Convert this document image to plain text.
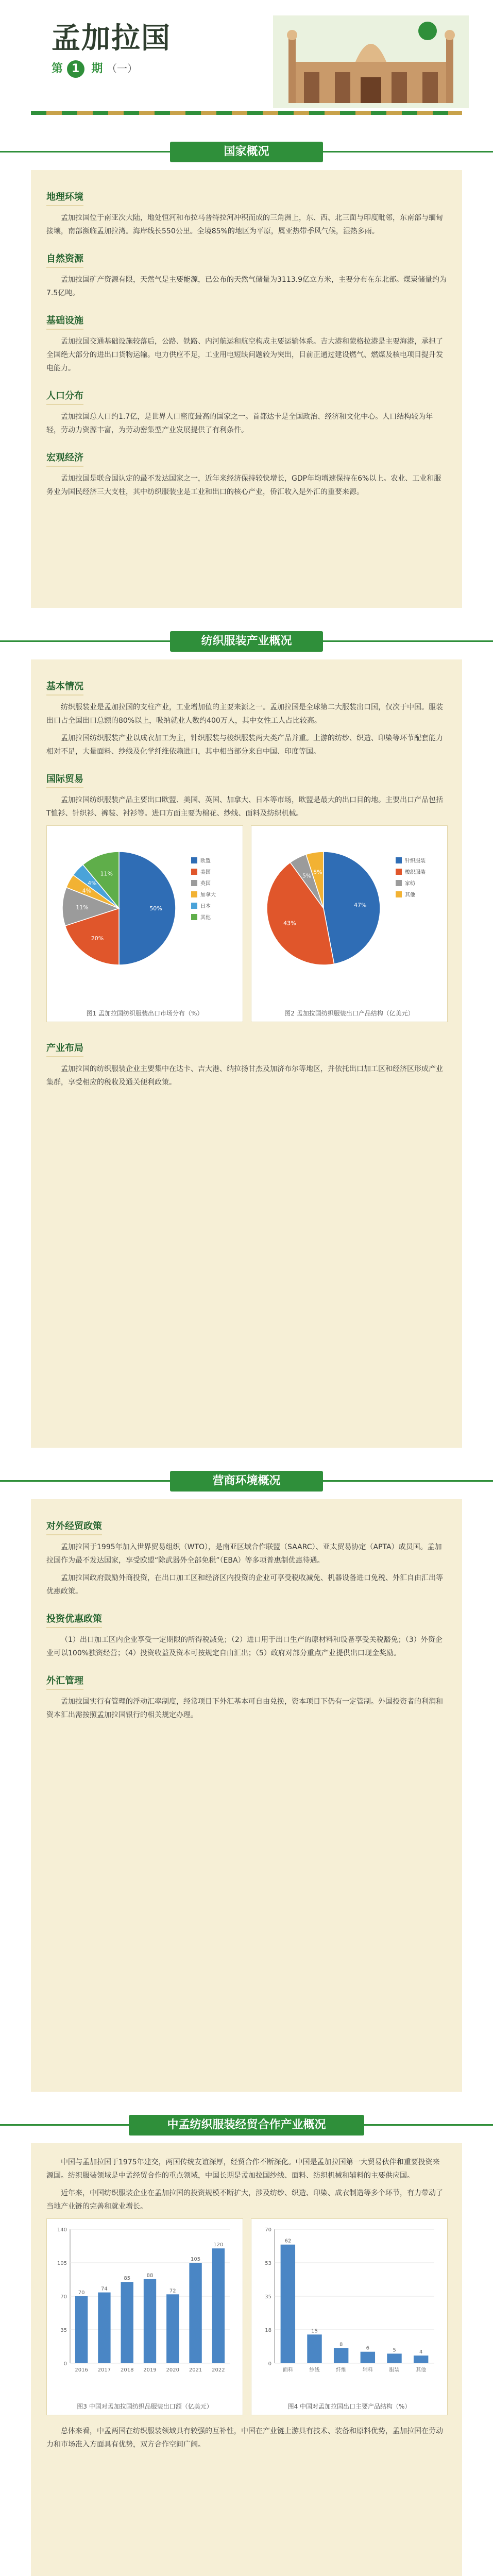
孟加拉国
第 1 期 （一）
国家概况
地理环境

孟加拉国位于南亚次大陆，地处恒河和布拉马普特拉河冲积而成的三角洲上，东、西、北三面与印度毗邻，东南部与缅甸接壤，南部濒临孟加拉湾。海岸线长550公里。全境85%的地区为平原，属亚热带季风气候，湿热多雨。

自然资源

孟加拉国矿产资源有限，天然气是主要能源，已公布的天然气储量为3113.9亿立方米，主要分布在东北部。煤炭储量约为7.5亿吨。

基础设施

孟加拉国交通基础设施较落后，公路、铁路、内河航运和航空构成主要运输体系。吉大港和蒙格拉港是主要海港，承担了全国绝大部分的进出口货物运输。电力供应不足，工业用电短缺问题较为突出，目前正通过建设燃气、燃煤及核电项目提升发电能力。

人口分布

孟加拉国总人口约1.7亿，是世界人口密度最高的国家之一。首都达卡是全国政治、经济和文化中心。人口结构较为年轻，劳动力资源丰富，为劳动密集型产业发展提供了有利条件。

宏观经济

孟加拉国是联合国认定的最不发达国家之一，近年来经济保持较快增长，GDP年均增速保持在6%以上。农业、工业和服务业为国民经济三大支柱，其中纺织服装业是工业和出口的核心产业，侨汇收入是外汇的重要来源。

纺织服装产业概况
基本情况

纺织服装业是孟加拉国的支柱产业，工业增加值的主要来源之一。孟加拉国是全球第二大服装出口国，仅次于中国。服装出口占全国出口总额的80%以上，吸纳就业人数约400万人，其中女性工人占比较高。

孟加拉国纺织服装产业以成衣加工为主，针织服装与梭织服装两大类产品并重。上游的纺纱、织造、印染等环节配套能力相对不足，大量面料、纱线及化学纤维依赖进口，其中相当部分来自中国、印度等国。

国际贸易

孟加拉国纺织服装产品主要出口欧盟、美国、英国、加拿大、日本等市场，欧盟是最大的出口目的地。主要出口产品包括T恤衫、针织衫、裤装、衬衫等。进口方面主要为棉花、纱线、面料及纺织机械。

50%
20%
11%
4%
4%
11%
欧盟
美国
英国
加拿大
日本
其他
图1 孟加拉国纺织服装出口市场分布（%）
47%
43%
5%
5%
针织服装
梭织服装
家纺
其他
图2 孟加拉国纺织服装出口产品结构（亿美元）
产业布局

孟加拉国的纺织服装企业主要集中在达卡、吉大港、纳拉扬甘杰及加济布尔等地区，并依托出口加工区和经济区形成产业集群，享受相应的税收及通关便利政策。

营商环境概况
对外经贸政策

孟加拉国于1995年加入世界贸易组织（WTO），是南亚区域合作联盟（SAARC）、亚太贸易协定（APTA）成员国。孟加拉国作为最不发达国家，享受欧盟“除武器外全部免税”（EBA）等多项普惠制优惠待遇。

孟加拉国政府鼓励外商投资，在出口加工区和经济区内投资的企业可享受税收减免、机器设备进口免税、外汇自由汇出等优惠政策。

投资优惠政策

（1）出口加工区内企业享受一定期限的所得税减免；（2）进口用于出口生产的原材料和设备享受关税豁免；（3）外资企业可以100%独资经营；（4）投资收益及资本可按规定自由汇出；（5）政府对部分重点产业提供出口现金奖励。

外汇管理

孟加拉国实行有管理的浮动汇率制度，经常项目下外汇基本可自由兑换，资本项目下仍有一定管制。外国投资者的利润和资本汇出需按照孟加拉国银行的相关规定办理。

中孟纺织服装经贸合作产业概况

中国与孟加拉国于1975年建交，两国传统友谊深厚，经贸合作不断深化。中国是孟加拉国第一大贸易伙伴和重要投资来源国。纺织服装领域是中孟经贸合作的重点领域，中国长期是孟加拉国纱线、面料、纺织机械和辅料的主要供应国。

近年来，中国纺织服装企业在孟加拉国的投资规模不断扩大，涉及纺纱、织造、印染、成衣制造等多个环节，有力带动了当地产业链的完善和就业增长。

0
35
70
105
140
70
2016
74
2017
85
2018
88
2019
72
2020
105
2021
120
2022
图3 中国对孟加拉国纺织品服装出口额（亿美元）
0
18
35
53
70
62
面料
15
纱线
8
纤维
6
辅料
5
服装
4
其他
图4 中国对孟加拉国出口主要产品结构（%）

总体来看，中孟两国在纺织服装领域具有较强的互补性，中国在产业链上游具有技术、装备和原料优势，孟加拉国在劳动力和市场准入方面具有优势，双方合作空间广阔。
